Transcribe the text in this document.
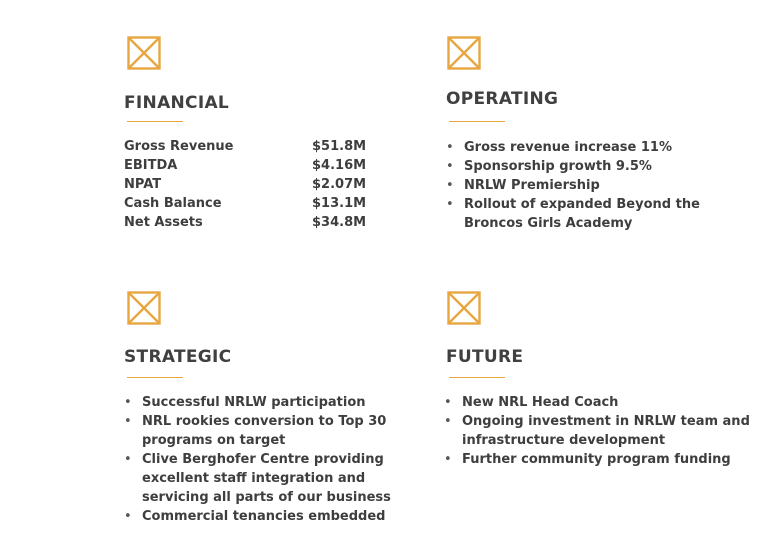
FINANCIAL
Gross Revenue	$51.8M
EBITDA	$4.16M
NPAT	$2.07M
Cash Balance	$13.1M
Net Assets	$34.8M
OPERATING
• Gross revenue increase 11%
• Sponsorship growth 9.5%
• NRLW Premiership
• Rollout of expanded Beyond the Broncos Girls Academy
STRATEGIC
• Successful NRLW participation
• NRL rookies conversion to Top 30 programs on target
• Clive Berghofer Centre providing excellent staff integration and servicing all parts of our business
• Commercial tenancies embedded
FUTURE
• New NRL Head Coach
• Ongoing investment in NRLW team and infrastructure development
• Further community program funding
